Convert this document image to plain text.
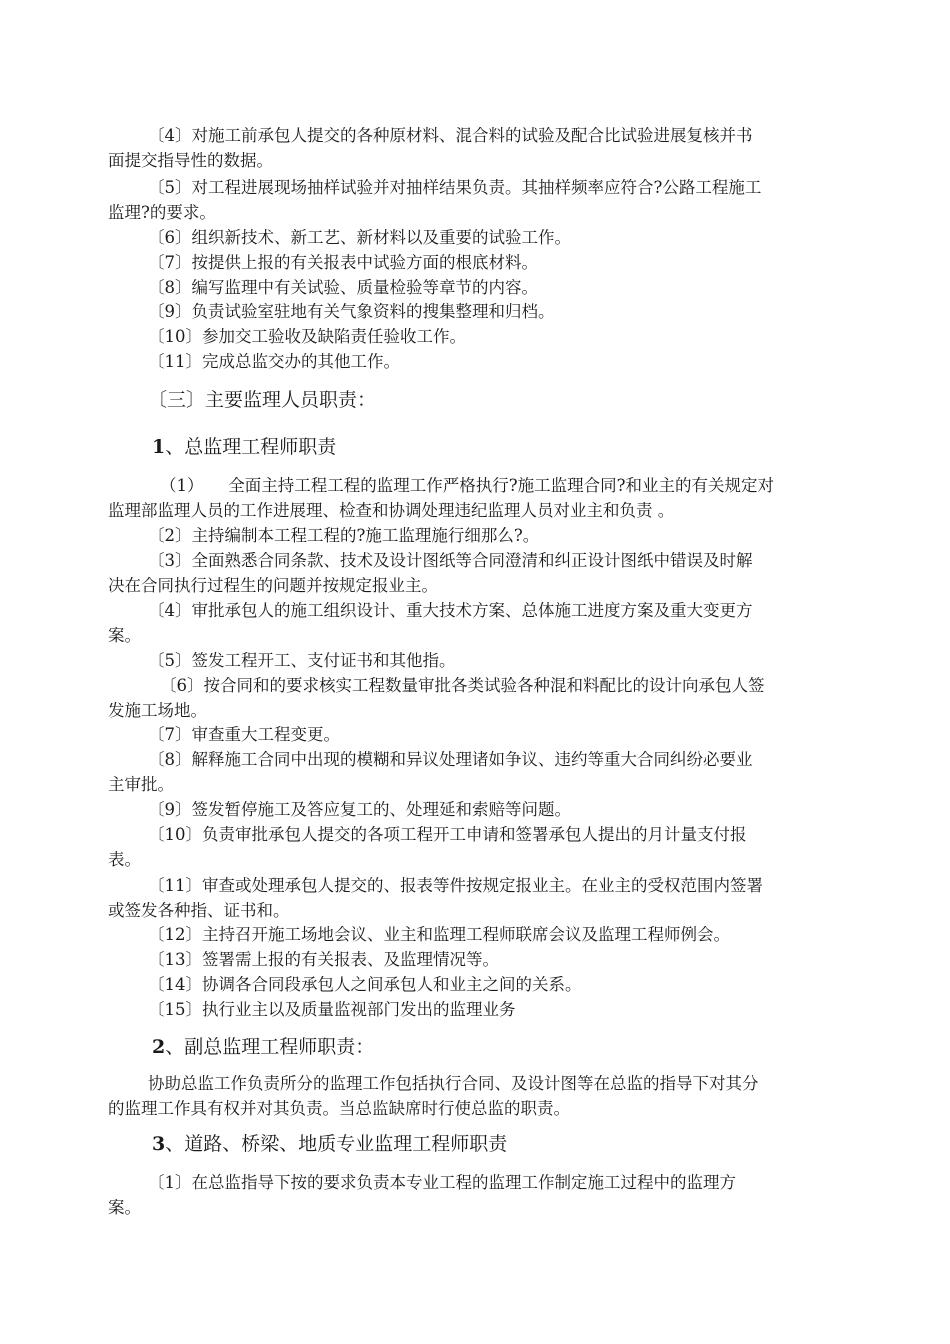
〔4〕对施工前承包人提交的各种原材料、混合料的试验及配合比试验进展复核并书
面提交指导性的数据。
〔5〕对工程进展现场抽样试验并对抽样结果负责。其抽样频率应符合?公路工程施工
监理?的要求。
〔6〕组织新技术、新工艺、新材料以及重要的试验工作。
〔7〕按提供上报的有关报表中试验方面的根底材料。
〔8〕编写监理中有关试验、质量检验等章节的内容。
〔9〕负责试验室驻地有关气象资料的搜集整理和归档。
〔10〕参加交工验收及缺陷责任验收工作。
〔11〕完成总监交办的其他工作。
〔三〕主要监理人员职责：
1、总监理工程师职责
（1）　　全面主持工程工程的监理工作严格执行?施工监理合同?和业主的有关规定对
监理部监理人员的工作进展理、检查和协调处理违纪监理人员对业主和负责 。
〔2〕主持编制本工程工程的?施工监理施行细那么?。
〔3〕全面熟悉合同条款、技术及设计图纸等合同澄清和纠正设计图纸中错误及时解
决在合同执行过程生的问题并按规定报业主。
〔4〕审批承包人的施工组织设计、重大技术方案、总体施工进度方案及重大变更方
案。
〔5〕签发工程开工、支付证书和其他指。
〔6〕按合同和的要求核实工程数量审批各类试验各种混和料配比的设计向承包人签
发施工场地。
〔7〕审查重大工程变更。
〔8〕解释施工合同中出现的模糊和异议处理诸如争议、违约等重大合同纠纷必要业
主审批。
〔9〕签发暂停施工及答应复工的、处理延和索赔等问题。
〔10〕负责审批承包人提交的各项工程开工申请和签署承包人提出的月计量支付报
表。
〔11〕审查或处理承包人提交的、报表等件按规定报业主。在业主的受权范围内签署
或签发各种指、证书和。
〔12〕主持召开施工场地会议、业主和监理工程师联席会议及监理工程师例会。
〔13〕签署需上报的有关报表、及监理情况等。
〔14〕协调各合同段承包人之间承包人和业主之间的关系。
〔15〕执行业主以及质量监视部门发出的监理业务
2、副总监理工程师职责：
协助总监工作负责所分的监理工作包括执行合同、及设计图等在总监的指导下对其分
的监理工作具有权并对其负责。当总监缺席时行使总监的职责。
3、道路、桥梁、地质专业监理工程师职责
〔1〕在总监指导下按的要求负责本专业工程的监理工作制定施工过程中的监理方
案。
